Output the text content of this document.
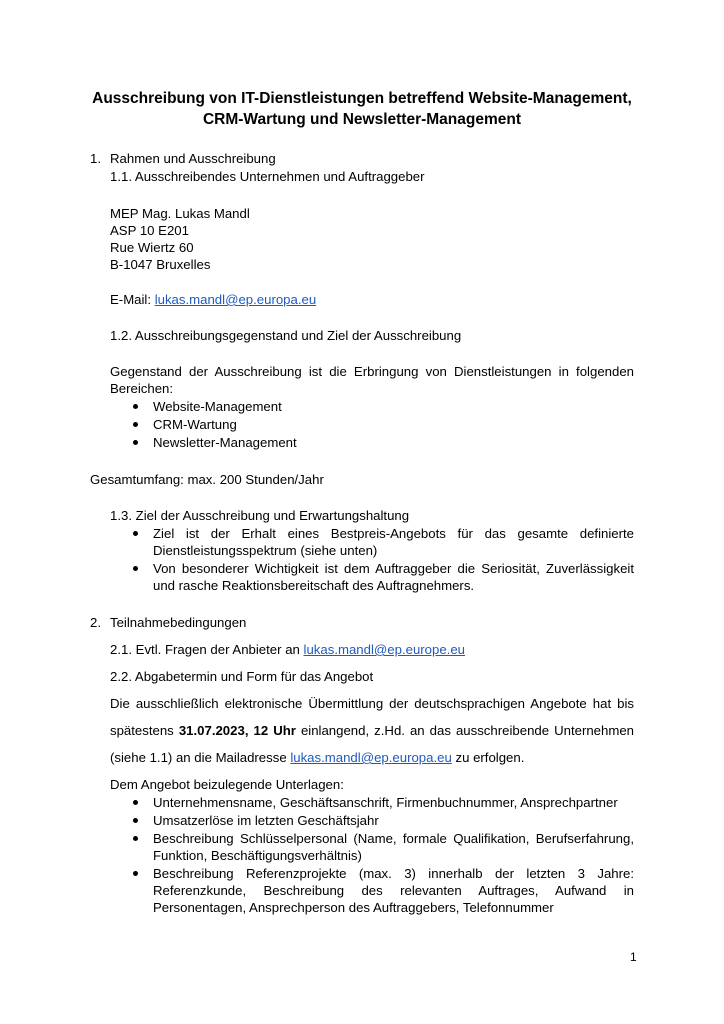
Ausschreibung von IT-Dienstleistungen betreffend Website-Management,
CRM-Wartung und Newsletter-Management
1. Rahmen und Ausschreibung
1.1. Ausschreibendes Unternehmen und Auftraggeber
MEP Mag. Lukas Mandl
ASP 10 E201
Rue Wiertz 60
B-1047 Bruxelles
E-Mail: lukas.mandl@ep.europa.eu
1.2. Ausschreibungsgegenstand und Ziel der Ausschreibung
Gegenstand der Ausschreibung ist die Erbringung von Dienstleistungen in folgenden
Bereichen:
Website-Management
CRM-Wartung
Newsletter-Management
Gesamtumfang: max. 200 Stunden/Jahr
1.3. Ziel der Ausschreibung und Erwartungshaltung
Ziel ist der Erhalt eines Bestpreis-Angebots für das gesamte definierte
Dienstleistungsspektrum (siehe unten)
Von besonderer Wichtigkeit ist dem Auftraggeber die Seriosität, Zuverlässigkeit
und rasche Reaktionsbereitschaft des Auftragnehmers.
2. Teilnahmebedingungen
2.1. Evtl. Fragen der Anbieter an lukas.mandl@ep.europe.eu
2.2. Abgabetermin und Form für das Angebot
Die ausschließlich elektronische Übermittlung der deutschsprachigen Angebote hat bis
spätestens 31.07.2023, 12 Uhr einlangend, z.Hd. an das ausschreibende Unternehmen
(siehe 1.1) an die Mailadresse lukas.mandl@ep.europa.eu zu erfolgen.
Dem Angebot beizulegende Unterlagen:
Unternehmensname, Geschäftsanschrift, Firmenbuchnummer, Ansprechpartner
Umsatzerlöse im letzten Geschäftsjahr
Beschreibung Schlüsselpersonal (Name, formale Qualifikation, Berufserfahrung,
Funktion, Beschäftigungsverhältnis)
Beschreibung Referenzprojekte (max. 3) innerhalb der letzten 3 Jahre:
Referenzkunde, Beschreibung des relevanten Auftrages, Aufwand in
Personentagen, Ansprechperson des Auftraggebers, Telefonnummer
1
